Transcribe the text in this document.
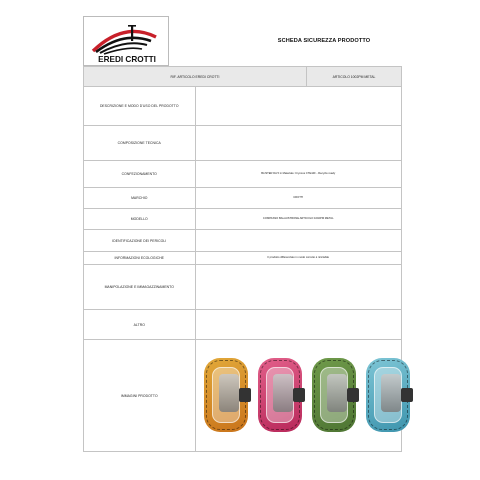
EREDI CROTTI
SCHEDA SICUREZZA PRODOTTO
RIF. ARTICOLO EREDI CROTTI		ARTICOLO 1002PM METAL
DESCRIZIONE E MODO D'USO DEL PRODOTTO		

COMPOSIZIONE TECNICA		

CONFEZIONAMENTO	BLISTER DA 5 in Materiale: Cryoxus CTE44F - Recycle ready	

MARCHIO	CROTTI	

MODELLO	COMPASSO BALAUSTRONE ARTICOLO 1002PM METAL	

IDENTIFICAZIONE DEI PERICOLI		

INFORMAZIONI ECOLOGICHE	Il prodotto differenziato in modo corretto è riciclabile	

MANIPOLAZIONE E IMMAGAZZINAMENTO		

ALTRO		

IMMAGINI PRODOTTO		
